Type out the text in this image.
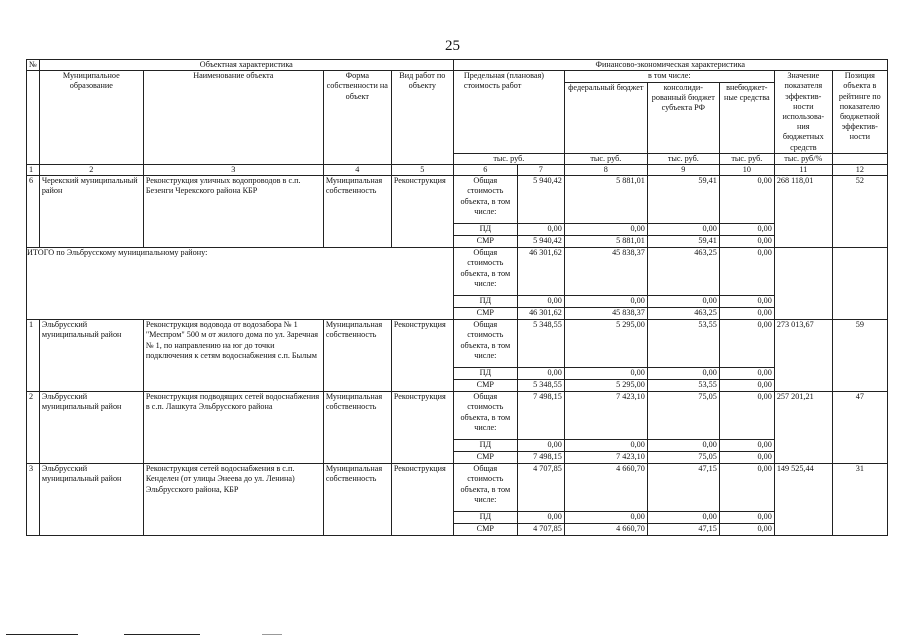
25
№	Объектная характеристика				Финансово-экономическая характеристика						
	Муниципальное образование	Наименование объекта	Форма собственности на объект	Вид работ по объекту	Предельная (плановая) стоимость работ		в том числе:			Значение показателя эффектив-ности использова-ния бюджетных средств	Позиция объекта в рейтинге по показателю бюджетной эффектив-ности
							федеральный бюджет	консолиди-рованный бюджет субъекта РФ	внебюджет-ные средства		
					тыс. руб.		тыс. руб.	тыс. руб.	тыс. руб.	тыс. руб/%	
1	2	3	4	5	6	7	8	9	10	11	12
6	Черекский муниципальный район	Реконструкция уличных водопроводов в с.п. Безенги Черекского района КБР	Муниципальная собственность	Реконструкция	Общая стоимость объекта, в том числе:	5 940,42	5 881,01	59,41	0,00	268 118,01	52
					ПД	0,00	0,00	0,00	0,00		
					СМР	5 940,42	5 881,01	59,41	0,00		
ИТОГО по Эльбрусскому муниципальному району:					Общая стоимость объекта, в том числе:	46 301,62	45 838,37	463,25	0,00		
					ПД	0,00	0,00	0,00	0,00		
					СМР	46 301,62	45 838,37	463,25	0,00		
1	Эльбрусский муниципальный район	Реконструкция водовода от водозабора № 1 "Меспром" 500 м от жилого дома по ул. Заречная № 1, по направлению на юг до точки подключения к сетям водоснабжения с.п. Былым	Муниципальная собственность	Реконструкция	Общая стоимость объекта, в том числе:	5 348,55	5 295,00	53,55	0,00	273 013,67	59
					ПД	0,00	0,00	0,00	0,00		
					СМР	5 348,55	5 295,00	53,55	0,00		
2	Эльбрусский муниципальный район	Реконструкция подводящих сетей водоснабжения в с.п. Лашкута Эльбрусского района	Муниципальная собственность	Реконструкция	Общая стоимость объекта, в том числе:	7 498,15	7 423,10	75,05	0,00	257 201,21	47
					ПД	0,00	0,00	0,00	0,00		
					СМР	7 498,15	7 423,10	75,05	0,00		
3	Эльбрусский муниципальный район	Реконструкция сетей водоснабжения в с.п. Кенделен (от улицы Энеева до ул. Ленина) Эльбрусского района, КБР	Муниципальная собственность	Реконструкция	Общая стоимость объекта, в том числе:	4 707,85	4 660,70	47,15	0,00	149 525,44	31
					ПД	0,00	0,00	0,00	0,00		
					СМР	4 707,85	4 660,70	47,15	0,00		
